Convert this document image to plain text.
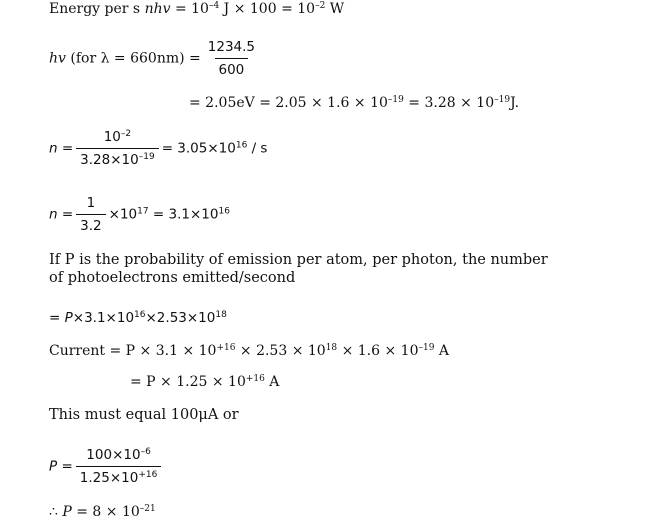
Energy per s nhv = $10^{-4}$ $J \times 100 = 10^{-2}$ W
hv (for $\lambda = 660nm) = \frac{1234.5}{600}$
= $2.05eV = 2.05 \times 1.6 \times 10^{-19} = 3.28 \times 10^{-19}J$.
$n = \frac{10^{-2}}{3.28\times 10^{-19}} = 3.05\times 10^{16} / s$
$n = \frac{1}{3.2} \times 10^{17} = 3.1\times 10^{16}$
If P is the probability of emission per atom, per photon, the number
of photoelectrons emitted/second
= $P\times 3.1\times 10^{16}\times 2.53\times 10^{18}$
Current = $P \times 3.1 \times 10^{+16} \times 2.53 \times 10^{18} \times 1.6 \times 10^{-19}$ A
= $P \times 1.25 \times 10^{+16}$ A
This must equal 100μA or
$P = \frac{100\times 10^{-6}}{1.25\times 10^{+16}}$
∴ $P = 8 \times 10^{-21}$
